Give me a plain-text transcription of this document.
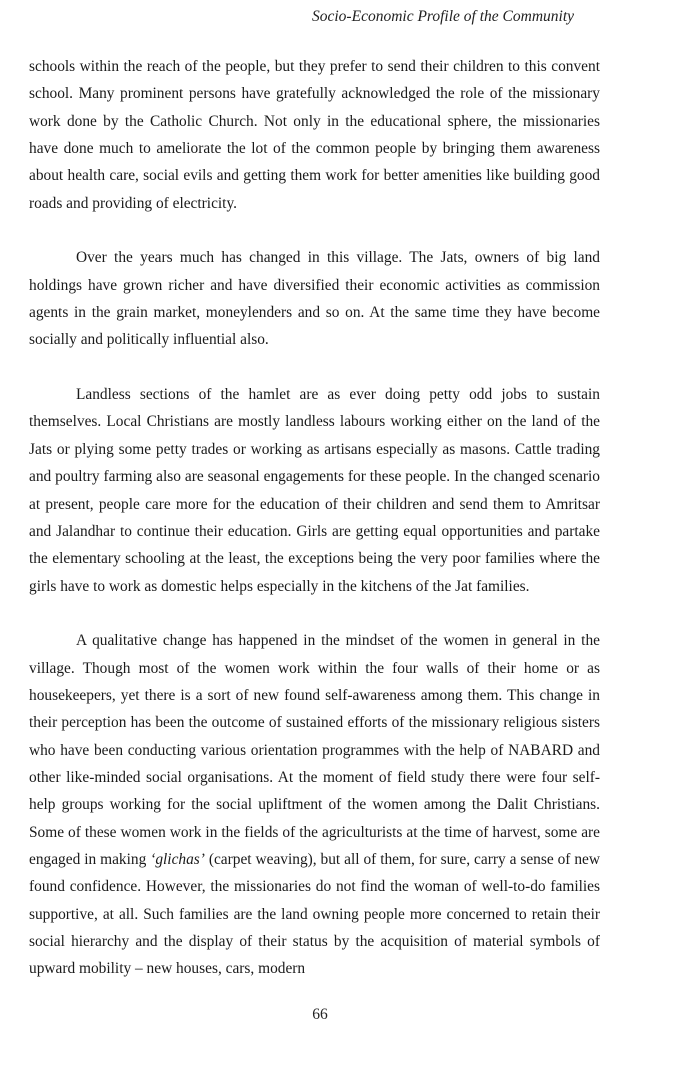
Socio-Economic Profile of the Community

schools within the reach of the people, but they prefer to send their children to this convent school. Many prominent persons have gratefully acknowledged the role of the missionary work done by the Catholic Church. Not only in the educational sphere, the missionaries have done much to ameliorate the lot of the common people by bringing them awareness about health care, social evils and getting them work for better amenities like building good roads and providing of electricity.

Over the years much has changed in this village. The Jats, owners of big land holdings have grown richer and have diversified their economic activities as commission agents in the grain market, moneylenders and so on. At the same time they have become socially and politically influential also.

Landless sections of the hamlet are as ever doing petty odd jobs to sustain themselves. Local Christians are mostly landless labours working either on the land of the Jats or plying some petty trades or working as artisans especially as masons. Cattle trading and poultry farming also are seasonal engagements for these people. In the changed scenario at present, people care more for the education of their children and send them to Amritsar and Jalandhar to continue their education. Girls are getting equal opportunities and partake the elementary schooling at the least, the exceptions being the very poor families where the girls have to work as domestic helps especially in the kitchens of the Jat families.

A qualitative change has happened in the mindset of the women in general in the village. Though most of the women work within the four walls of their home or as housekeepers, yet there is a sort of new found self-awareness among them. This change in their perception has been the outcome of sustained efforts of the missionary religious sisters who have been conducting various orientation programmes with the help of NABARD and other like-minded social organisations. At the moment of field study there were four self-help groups working for the social upliftment of the women among the Dalit Christians. Some of these women work in the fields of the agriculturists at the time of harvest, some are engaged in making ‘glichas’ (carpet weaving), but all of them, for sure, carry a sense of new found confidence. However, the missionaries do not find the woman of well-to-do families supportive, at all. Such families are the land owning people more concerned to retain their social hierarchy and the display of their status by the acquisition of material symbols of upward mobility – new houses, cars, modern

66
